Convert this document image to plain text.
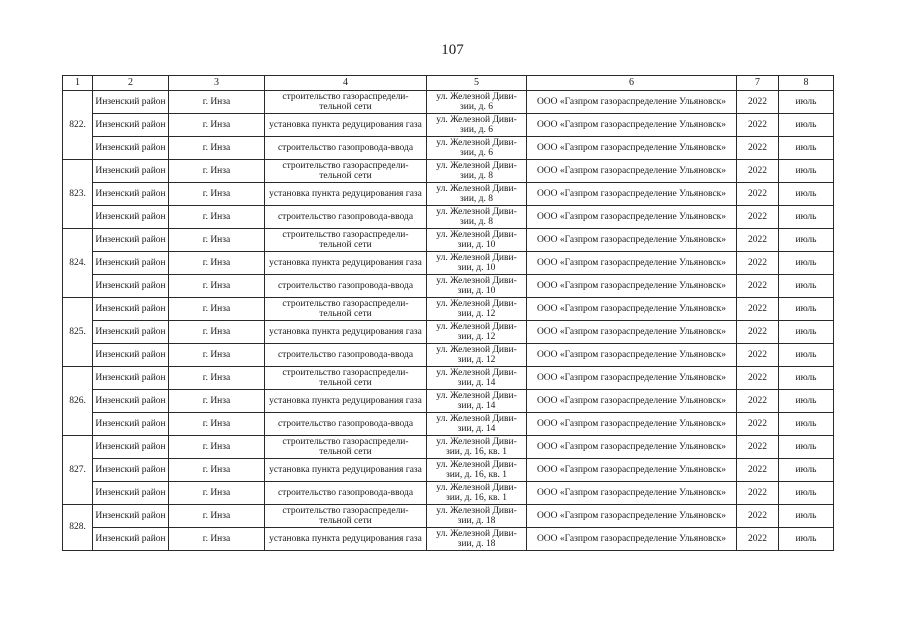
107
1	2	3	4	5	6	7	8
822.	Инзенский район	г. Инза	строительство газораспредели-тельной сети	ул. Железной Диви-зии, д. 6	ООО «Газпром газораспределение Ульяновск»	2022	июль
	Инзенский район	г. Инза	установка пункта редуцирования газа	ул. Железной Диви-зии, д. 6	ООО «Газпром газораспределение Ульяновск»	2022	июль
	Инзенский район	г. Инза	строительство газопровода-ввода	ул. Железной Диви-зии, д. 6	ООО «Газпром газораспределение Ульяновск»	2022	июль
823.	Инзенский район	г. Инза	строительство газораспредели-тельной сети	ул. Железной Диви-зии, д. 8	ООО «Газпром газораспределение Ульяновск»	2022	июль
	Инзенский район	г. Инза	установка пункта редуцирования газа	ул. Железной Диви-зии, д. 8	ООО «Газпром газораспределение Ульяновск»	2022	июль
	Инзенский район	г. Инза	строительство газопровода-ввода	ул. Железной Диви-зии, д. 8	ООО «Газпром газораспределение Ульяновск»	2022	июль
824.	Инзенский район	г. Инза	строительство газораспредели-тельной сети	ул. Железной Диви-зии, д. 10	ООО «Газпром газораспределение Ульяновск»	2022	июль
	Инзенский район	г. Инза	установка пункта редуцирования газа	ул. Железной Диви-зии, д. 10	ООО «Газпром газораспределение Ульяновск»	2022	июль
	Инзенский район	г. Инза	строительство газопровода-ввода	ул. Железной Диви-зии, д. 10	ООО «Газпром газораспределение Ульяновск»	2022	июль
825.	Инзенский район	г. Инза	строительство газораспредели-тельной сети	ул. Железной Диви-зии, д. 12	ООО «Газпром газораспределение Ульяновск»	2022	июль
	Инзенский район	г. Инза	установка пункта редуцирования газа	ул. Железной Диви-зии, д. 12	ООО «Газпром газораспределение Ульяновск»	2022	июль
	Инзенский район	г. Инза	строительство газопровода-ввода	ул. Железной Диви-зии, д. 12	ООО «Газпром газораспределение Ульяновск»	2022	июль
826.	Инзенский район	г. Инза	строительство газораспредели-тельной сети	ул. Железной Диви-зии, д. 14	ООО «Газпром газораспределение Ульяновск»	2022	июль
	Инзенский район	г. Инза	установка пункта редуцирования газа	ул. Железной Диви-зии, д. 14	ООО «Газпром газораспределение Ульяновск»	2022	июль
	Инзенский район	г. Инза	строительство газопровода-ввода	ул. Железной Диви-зии, д. 14	ООО «Газпром газораспределение Ульяновск»	2022	июль
827.	Инзенский район	г. Инза	строительство газораспредели-тельной сети	ул. Железной Диви-зии, д. 16, кв. 1	ООО «Газпром газораспределение Ульяновск»	2022	июль
	Инзенский район	г. Инза	установка пункта редуцирования газа	ул. Железной Диви-зии, д. 16, кв. 1	ООО «Газпром газораспределение Ульяновск»	2022	июль
	Инзенский район	г. Инза	строительство газопровода-ввода	ул. Железной Диви-зии, д. 16, кв. 1	ООО «Газпром газораспределение Ульяновск»	2022	июль
828.	Инзенский район	г. Инза	строительство газораспредели-тельной сети	ул. Железной Диви-зии, д. 18	ООО «Газпром газораспределение Ульяновск»	2022	июль
	Инзенский район	г. Инза	установка пункта редуцирования газа	ул. Железной Диви-зии, д. 18	ООО «Газпром газораспределение Ульяновск»	2022	июль
